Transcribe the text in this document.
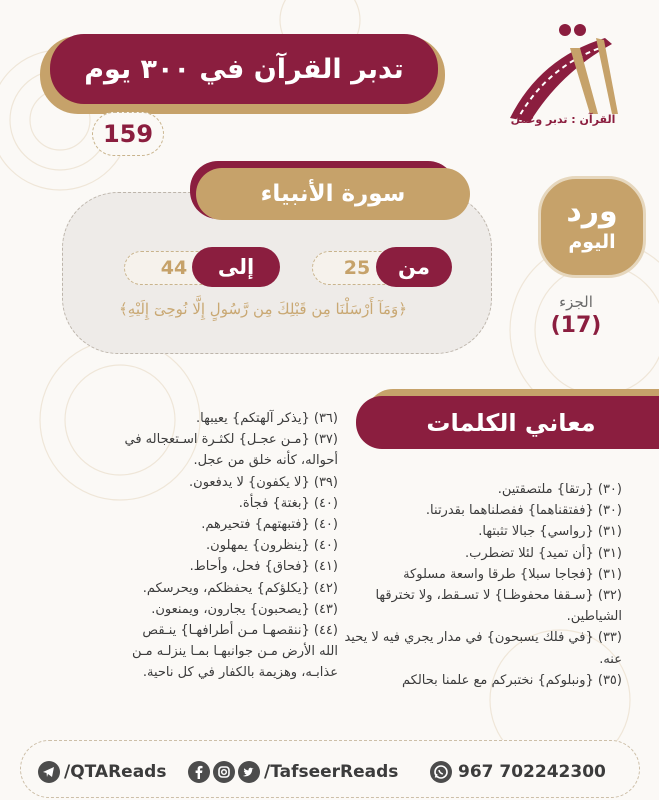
تدبر القرآن في ٣٠٠ يوم
159
القرآن : تدبر وعمل
سورة الأنبياء
25	من
44	إلى
﴿وَمَآ أَرْسَلْنَا مِن قَبْلِكَ مِن رَّسُولٍ إِلَّا نُوحِىٓ إِلَيْهِ﴾
ورد
اليوم
الجزء
(17)
معاني الكلمات

(٣٠) {رتقا} ملتصقتين.

(٣٠) {ففتقناهما} ففصلناهما بقدرتنا.

(٣١) {رواسي} جبالا تثبتها.

(٣١) {أن تميد} لئلا تضطرب.

(٣١) {فجاجا سبلا} طرقا واسعة مسلوكة

(٣٢) {سـقفا محفوظـا} لا تسـقط، ولا تخترقها الشياطين.

(٣٣) {في فلك يسبحون} في مدار يجري فيه لا يحيد عنه.

(٣٥) {ونبلوكم} نختبركم مع علمنا بحالكم

(٣٦) {يذكر آلهتكم} يعيبها.

(٣٧) {مـن عجـل} لكثـرة اسـتعجاله في أحواله، كأنه خلق من عجل.

(٣٩) {لا يكفون} لا يدفعون.

(٤٠) {بغتة} فجأة.

(٤٠) {فتبهتهم} فتحيرهم.

(٤٠) {ينظرون} يمهلون.

(٤١) {فحاق} فحل، وأحاط.

(٤٢) {يكلؤكم} يحفظكم، ويحرسكم.

(٤٣) {يصحبون} يجارون، ويمنعون.

(٤٤) {ننقصهـا مـن أطرافهـا} ينـقص الله الأرض مـن جوانبهـا بمـا ينزلـه مـن عذابـه، وهزيمة بالكفار في كل ناحية.

/QTAReads	/TafseerReads	967 702242300
